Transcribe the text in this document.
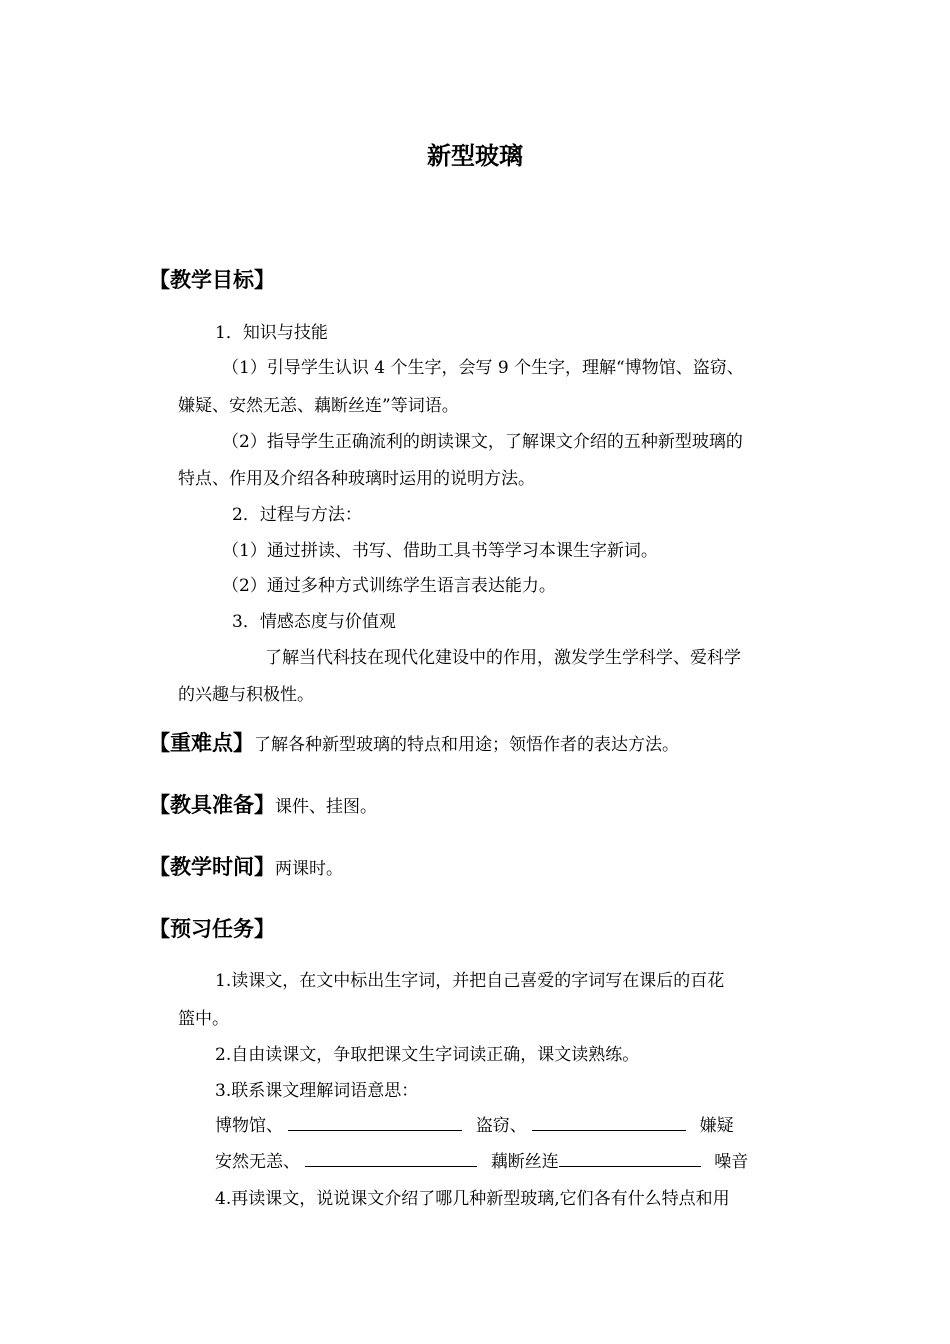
新型玻璃
【教学目标】
1．知识与技能
（1）引导学生认识 4 个生字，会写 9 个生字，理解“博物馆、盗窃、
嫌疑、安然无恙、藕断丝连”等词语。
（2）指导学生正确流利的朗读课文，了解课文介绍的五种新型玻璃的
特点、作用及介绍各种玻璃时运用的说明方法。
2．过程与方法：
（1）通过拼读、书写、借助工具书等学习本课生字新词。
（2）通过多种方式训练学生语言表达能力。
3．情感态度与价值观
了解当代科技在现代化建设中的作用，激发学生学科学、爱科学
的兴趣与积极性。
【重难点】了解各种新型玻璃的特点和用途；领悟作者的表达方法。
【教具准备】课件、挂图。
【教学时间】两课时。
【预习任务】
1.读课文，在文中标出生字词，并把自己喜爱的字词写在课后的百花
篮中。
2.自由读课文，争取把课文生字词读正确，课文读熟练。
3.联系课文理解词语意思：
博物馆、	盗窃、	嫌疑
安然无恙、	藕断丝连	噪音
4.再读课文，说说课文介绍了哪几种新型玻璃,它们各有什么特点和用
